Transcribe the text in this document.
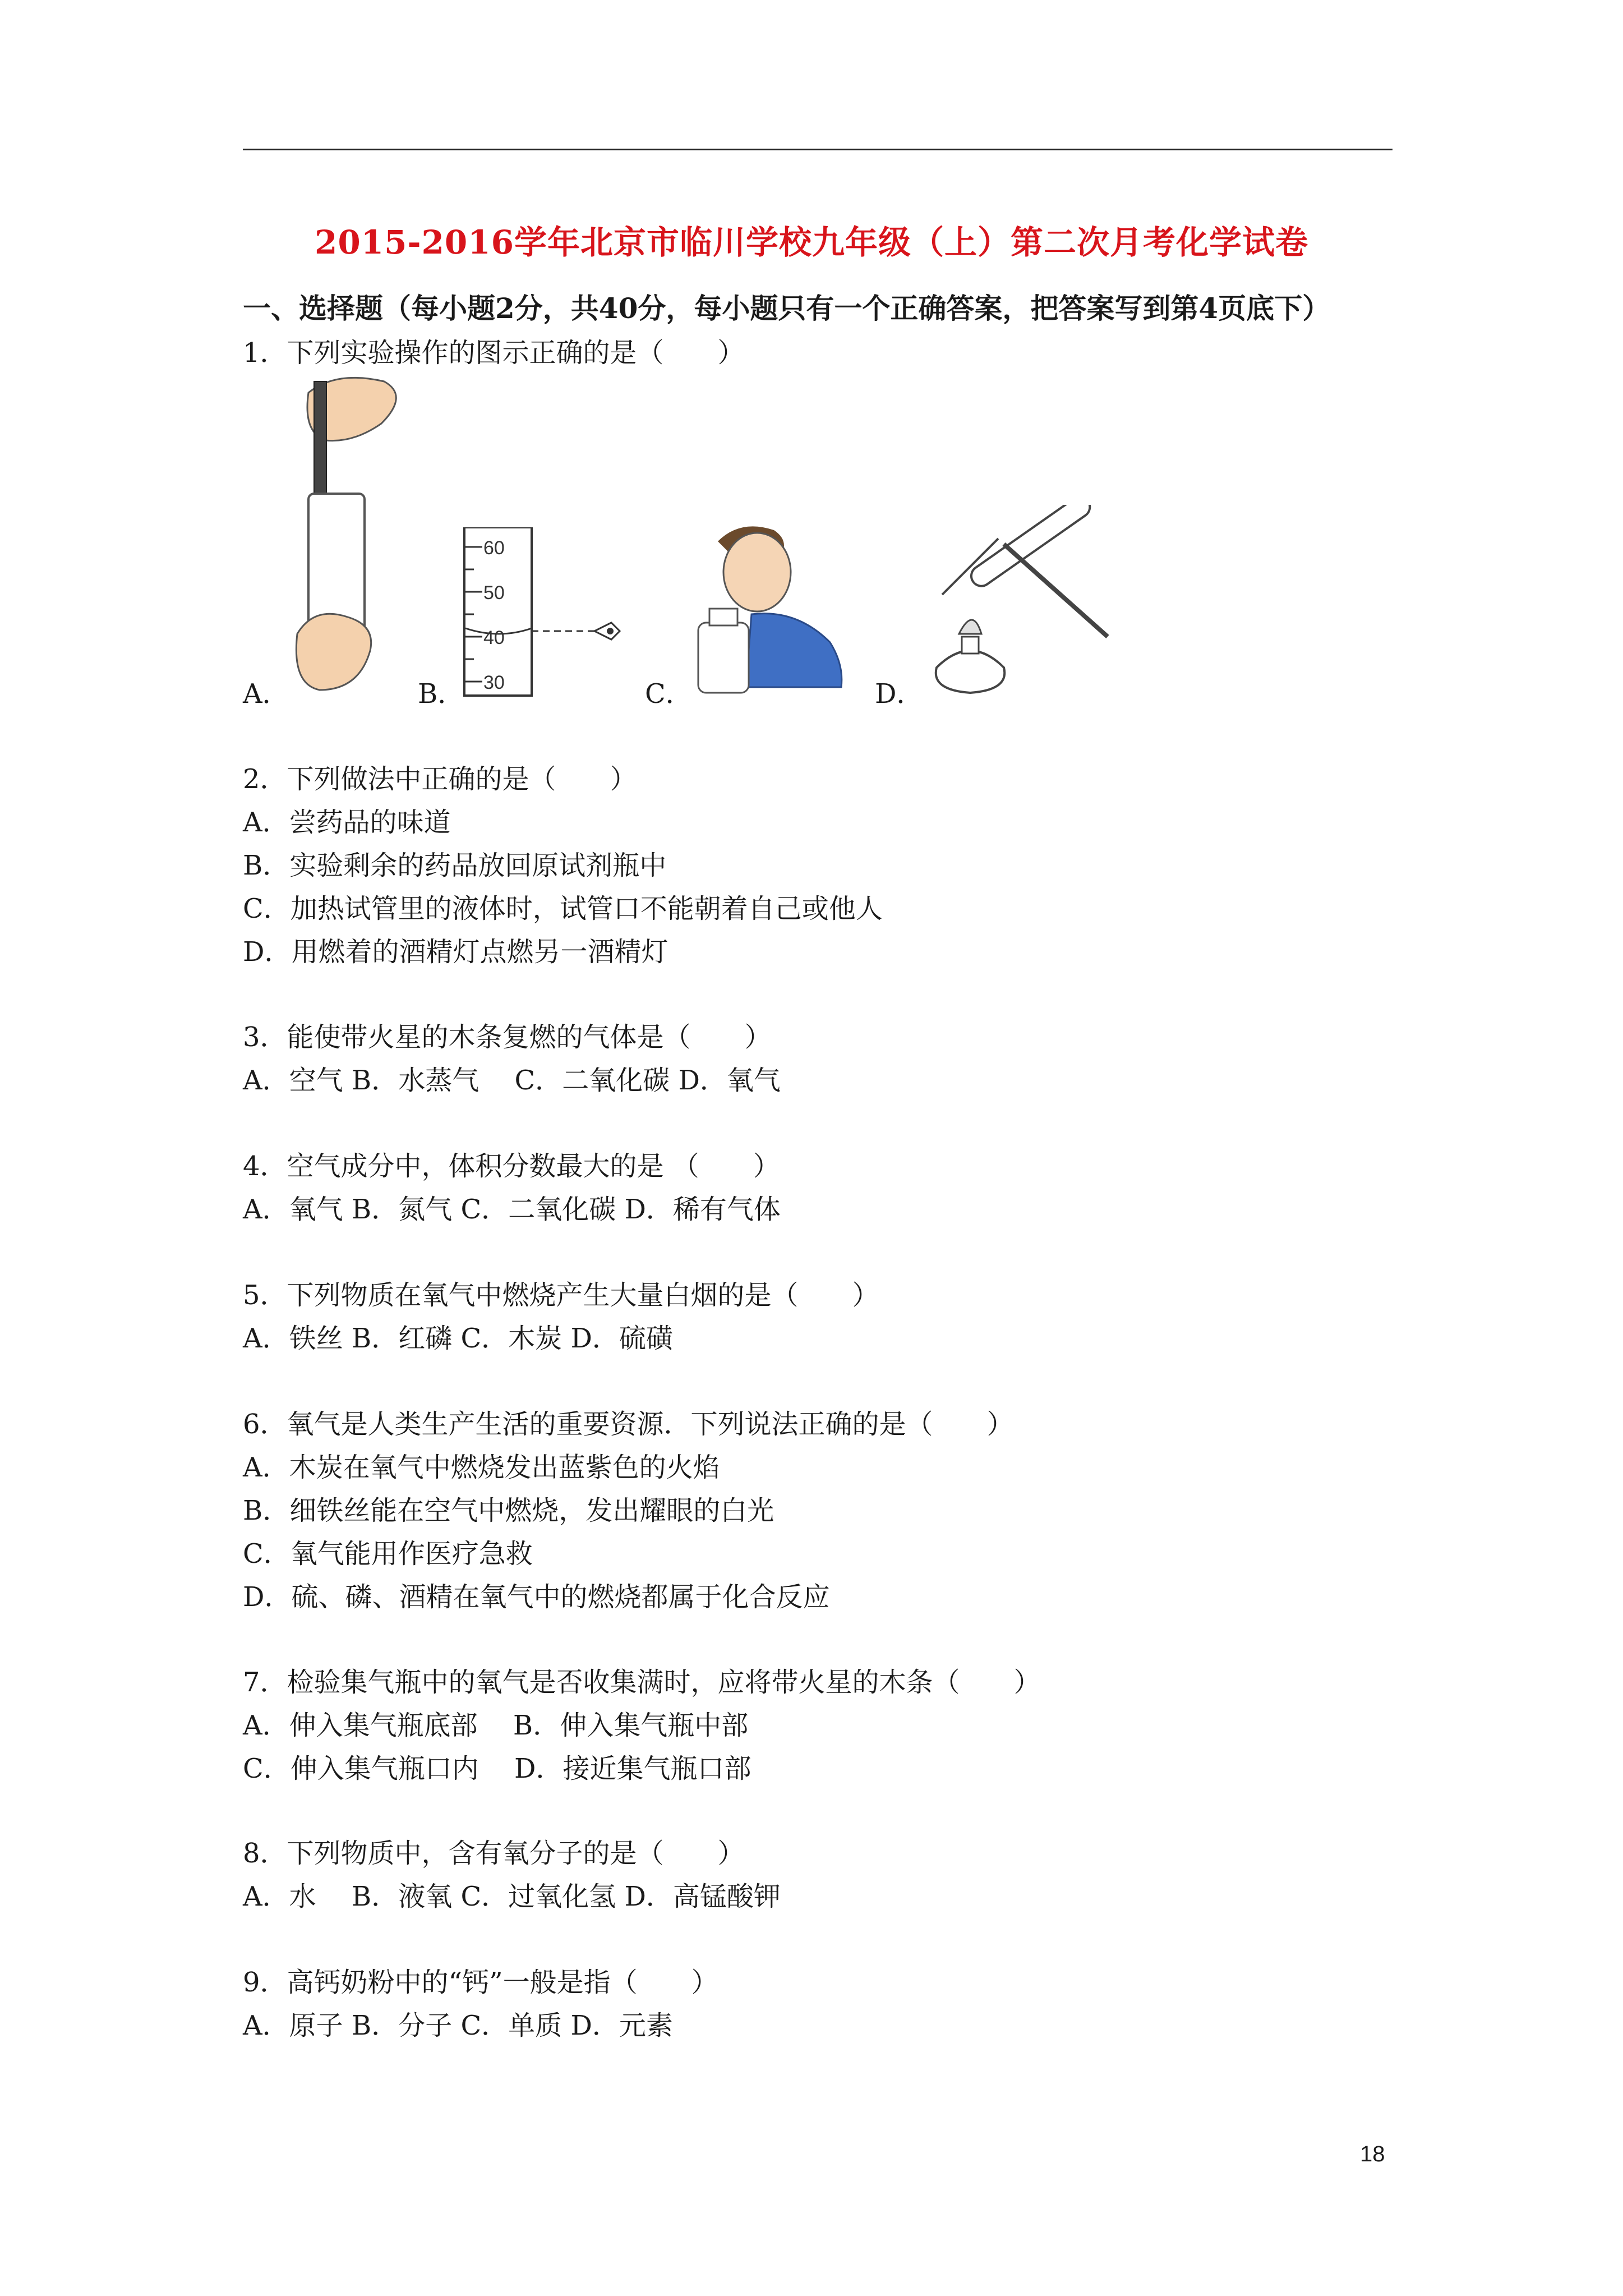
2015-2016学年北京市临川学校九年级（上）第二次月考化学试卷
一、选择题（每小题2分，共40分，每小题只有一个正确答案，把答案写到第4页底下）
1．下列实验操作的图示正确的是（　　）
A．	B．	C．	D．
60
50
40
30
2．下列做法中正确的是（　　）
A．尝药品的味道
B．实验剩余的药品放回原试剂瓶中
C．加热试管里的液体时，试管口不能朝着自己或他人
D．用燃着的酒精灯点燃另一酒精灯
3．能使带火星的木条复燃的气体是（　　）
A．空气 B．水蒸气　 C．二氧化碳 D．氧气
4．空气成分中，体积分数最大的是 （　　）
A．氧气 B．氮气 C．二氧化碳 D．稀有气体
5．下列物质在氧气中燃烧产生大量白烟的是（　　）
A．铁丝 B．红磷 C．木炭 D．硫磺
6．氧气是人类生产生活的重要资源．下列说法正确的是（　　）
A．木炭在氧气中燃烧发出蓝紫色的火焰
B．细铁丝能在空气中燃烧，发出耀眼的白光
C．氧气能用作医疗急救
D．硫、磷、酒精在氧气中的燃烧都属于化合反应
7．检验集气瓶中的氧气是否收集满时，应将带火星的木条（　　）
A．伸入集气瓶底部　 B．伸入集气瓶中部
C．伸入集气瓶口内　 D．接近集气瓶口部
8．下列物质中，含有氧分子的是（　　）
A．水　 B．液氧 C．过氧化氢 D．高锰酸钾
9．高钙奶粉中的“钙”一般是指（　　）
A．原子 B．分子 C．单质 D．元素
18
